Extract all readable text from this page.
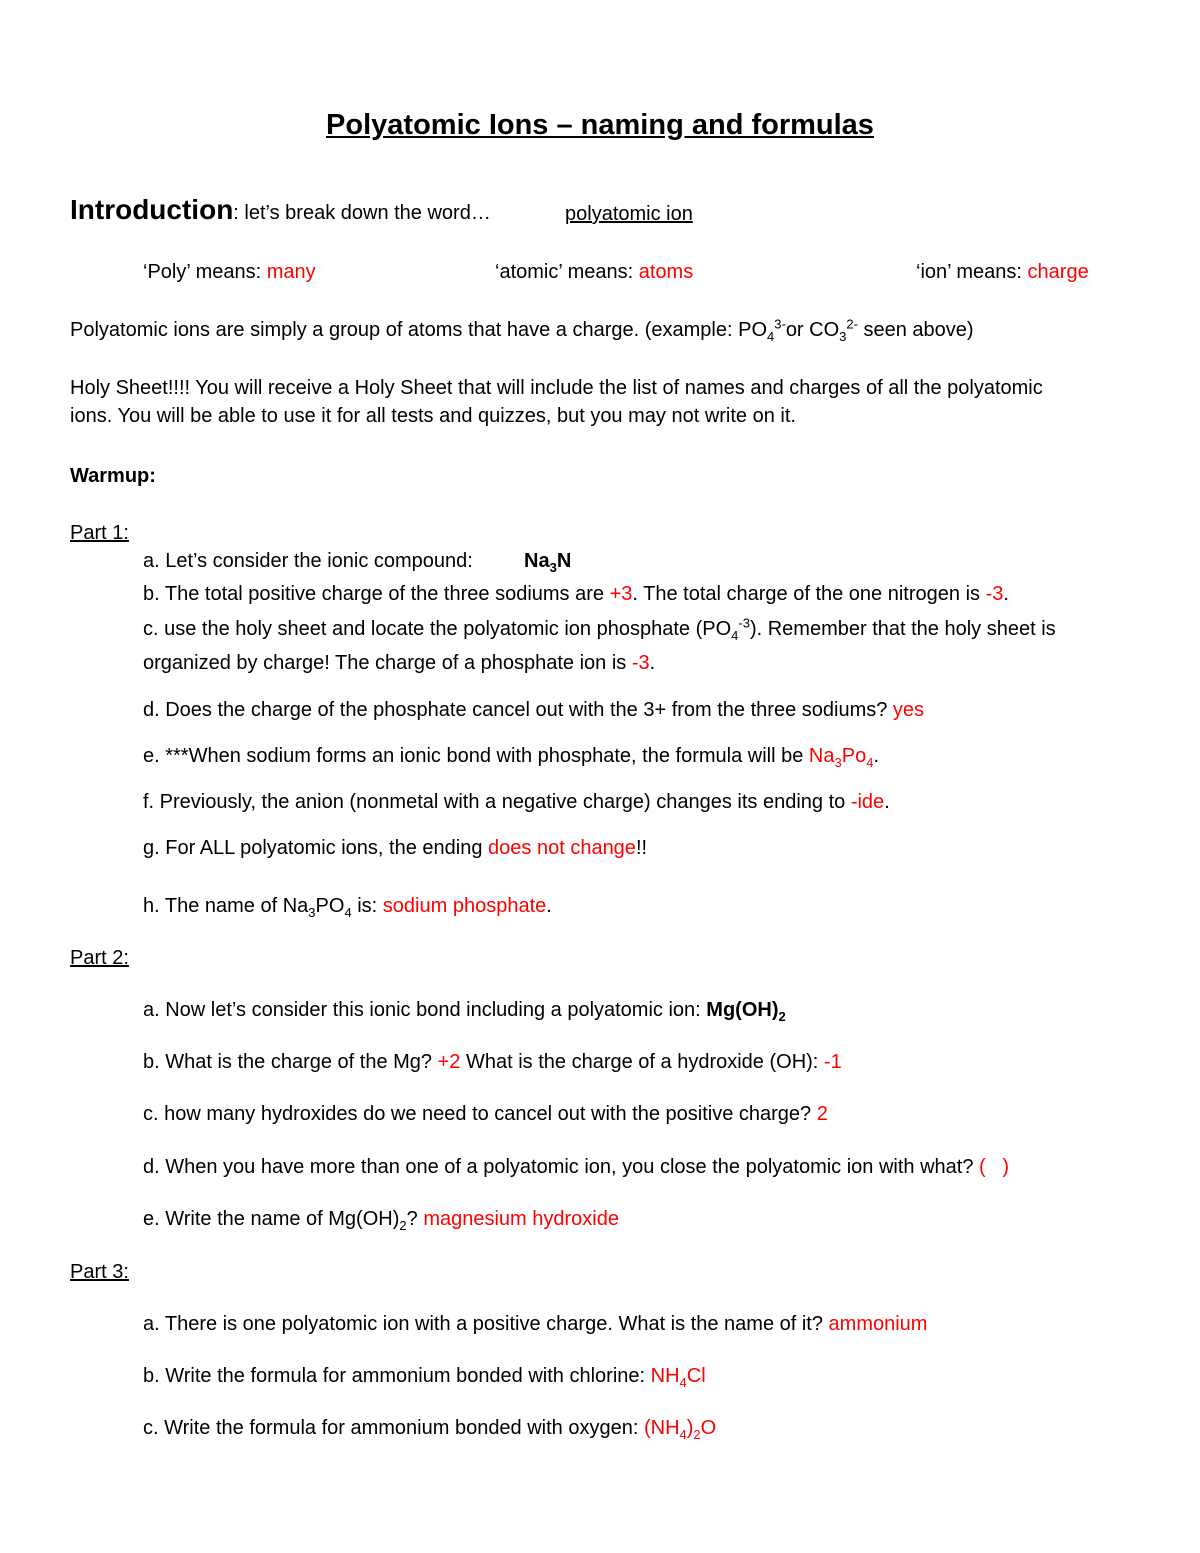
Polyatomic Ions – naming and formulas
Introduction: let’s break down the word…	polyatomic ion
‘Poly’ means: many	‘atomic’ means: atoms	‘ion’ means: charge
Polyatomic ions are simply a group of atoms that have a charge. (example: $PO_4^{3-}or$ $CO_3^{2-}$ seen above)
Holy Sheet!!!! You will receive a Holy Sheet that will include the list of names and charges of all the polyatomic
ions. You will be able to use it for all tests and quizzes, but you may not write on it.
Warmup:
Part 1:
a. Let’s consider the ionic compound:	$Na_3N$
b. The total positive charge of the three sodiums are +3. The total charge of the one nitrogen is -3.
c. use the holy sheet and locate the polyatomic ion phosphate $(PO_4^{-3})$. Remember that the holy sheet is
organized by charge! The charge of a phosphate ion is -3.
d. Does the charge of the phosphate cancel out with the 3+ from the three sodiums? yes
e. ***When sodium forms an ionic bond with phosphate, the formula will be $Na_3Po_4$.
f. Previously, the anion (nonmetal with a negative charge) changes its ending to -ide.
g. For ALL polyatomic ions, the ending does not change!!
h. The name of $Na_3PO_4$ is: sodium phosphate.
Part 2:
a. Now let’s consider this ionic bond including a polyatomic ion: $Mg(OH)_2$
b. What is the charge of the Mg? +2 What is the charge of a hydroxide (OH): -1
c. how many hydroxides do we need to cancel out with the positive charge? 2
d. When you have more than one of a polyatomic ion, you close the polyatomic ion with what? (   )
e. Write the name of $Mg(OH)_2$? magnesium hydroxide
Part 3:
a. There is one polyatomic ion with a positive charge. What is the name of it? ammonium
b. Write the formula for ammonium bonded with chlorine: $NH_4Cl$
c. Write the formula for ammonium bonded with oxygen: $(NH_4)_2O$
